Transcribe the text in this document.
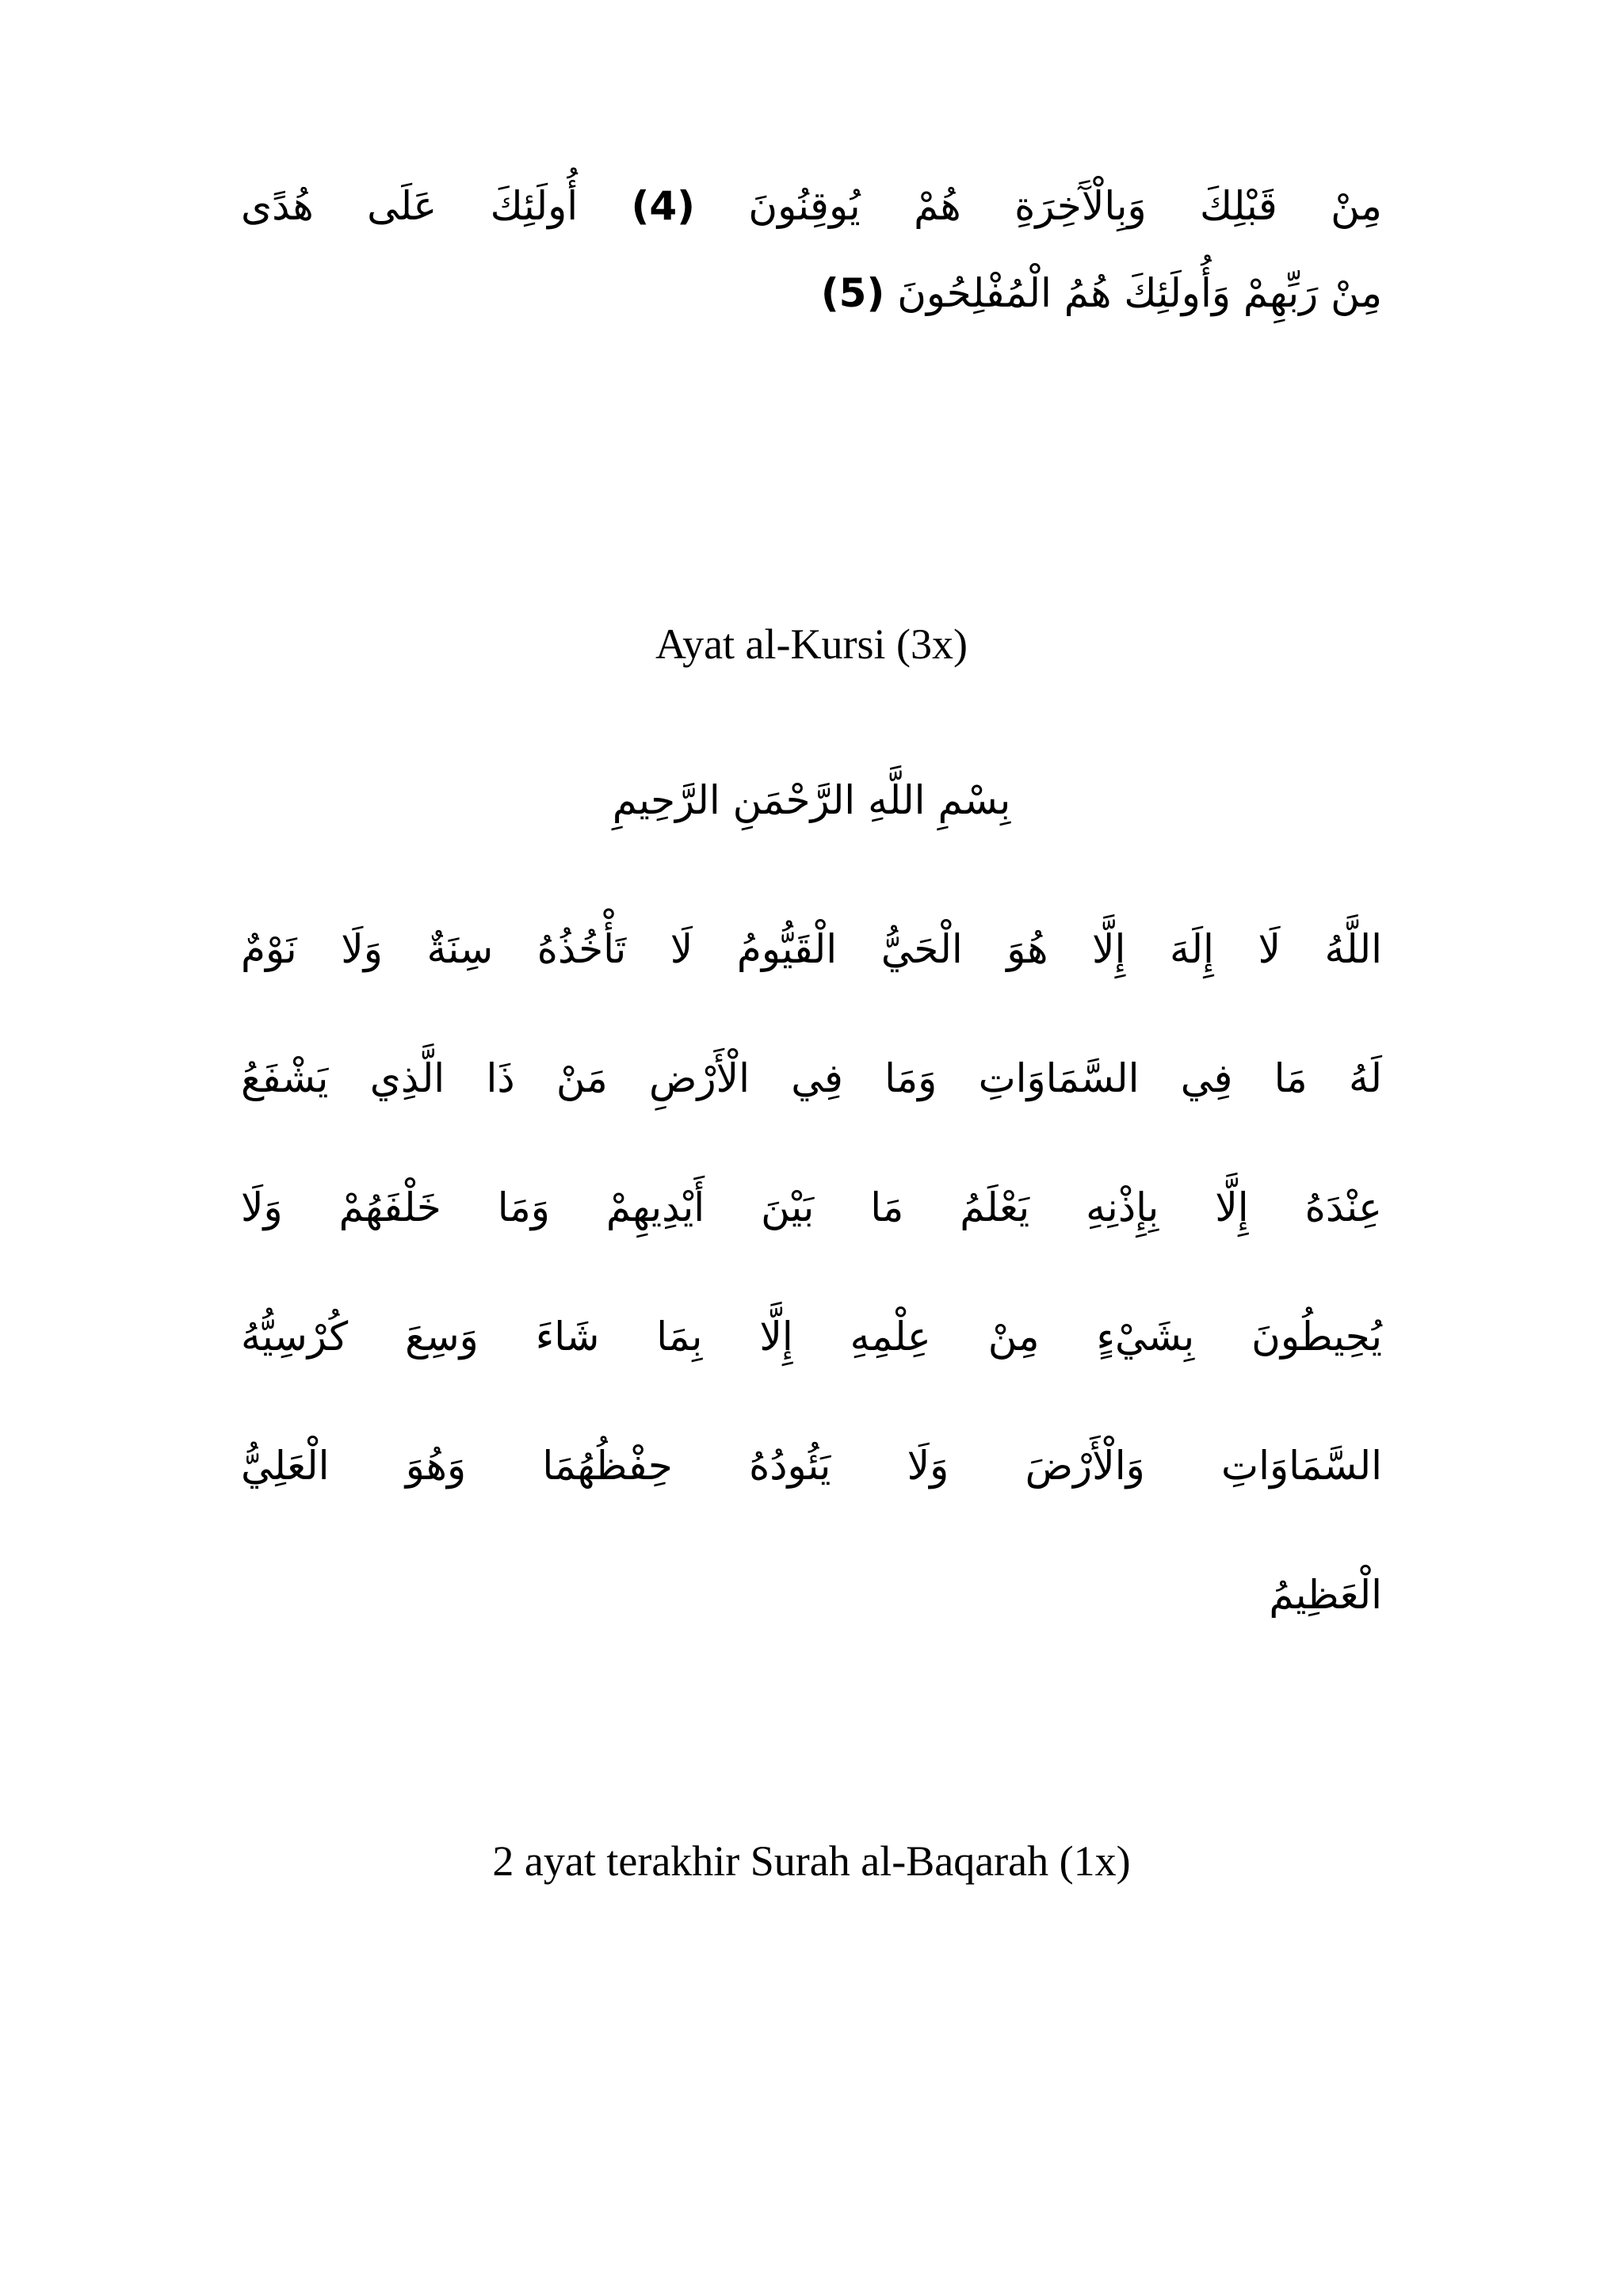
مِنْ قَبْلِكَ وَبِالْآَخِرَةِ هُمْ يُوقِنُونَ (4) أُولَئِكَ عَلَى هُدًى
مِنْ رَبِّهِمْ وَأُولَئِكَ هُمُ الْمُفْلِحُونَ (5)
Ayat al-Kursi (3x)
بِسْمِ اللَّهِ الرَّحْمَنِ الرَّحِيمِ
اللَّهُ لَا إِلَهَ إِلَّا هُوَ الْحَيُّ الْقَيُّومُ لَا تَأْخُذُهُ سِنَةٌ وَلَا نَوْمٌ
لَهُ مَا فِي السَّمَاوَاتِ وَمَا فِي الْأَرْضِ مَنْ ذَا الَّذِي يَشْفَعُ
عِنْدَهُ إِلَّا بِإِذْنِهِ يَعْلَمُ مَا بَيْنَ أَيْدِيهِمْ وَمَا خَلْفَهُمْ وَلَا
يُحِيطُونَ بِشَيْءٍ مِنْ عِلْمِهِ إِلَّا بِمَا شَاءَ وَسِعَ كُرْسِيُّهُ
السَّمَاوَاتِ وَالْأَرْضَ وَلَا يَئُودُهُ حِفْظُهُمَا وَهُوَ الْعَلِيُّ
الْعَظِيمُ
2 ayat terakhir Surah al-Baqarah (1x)
